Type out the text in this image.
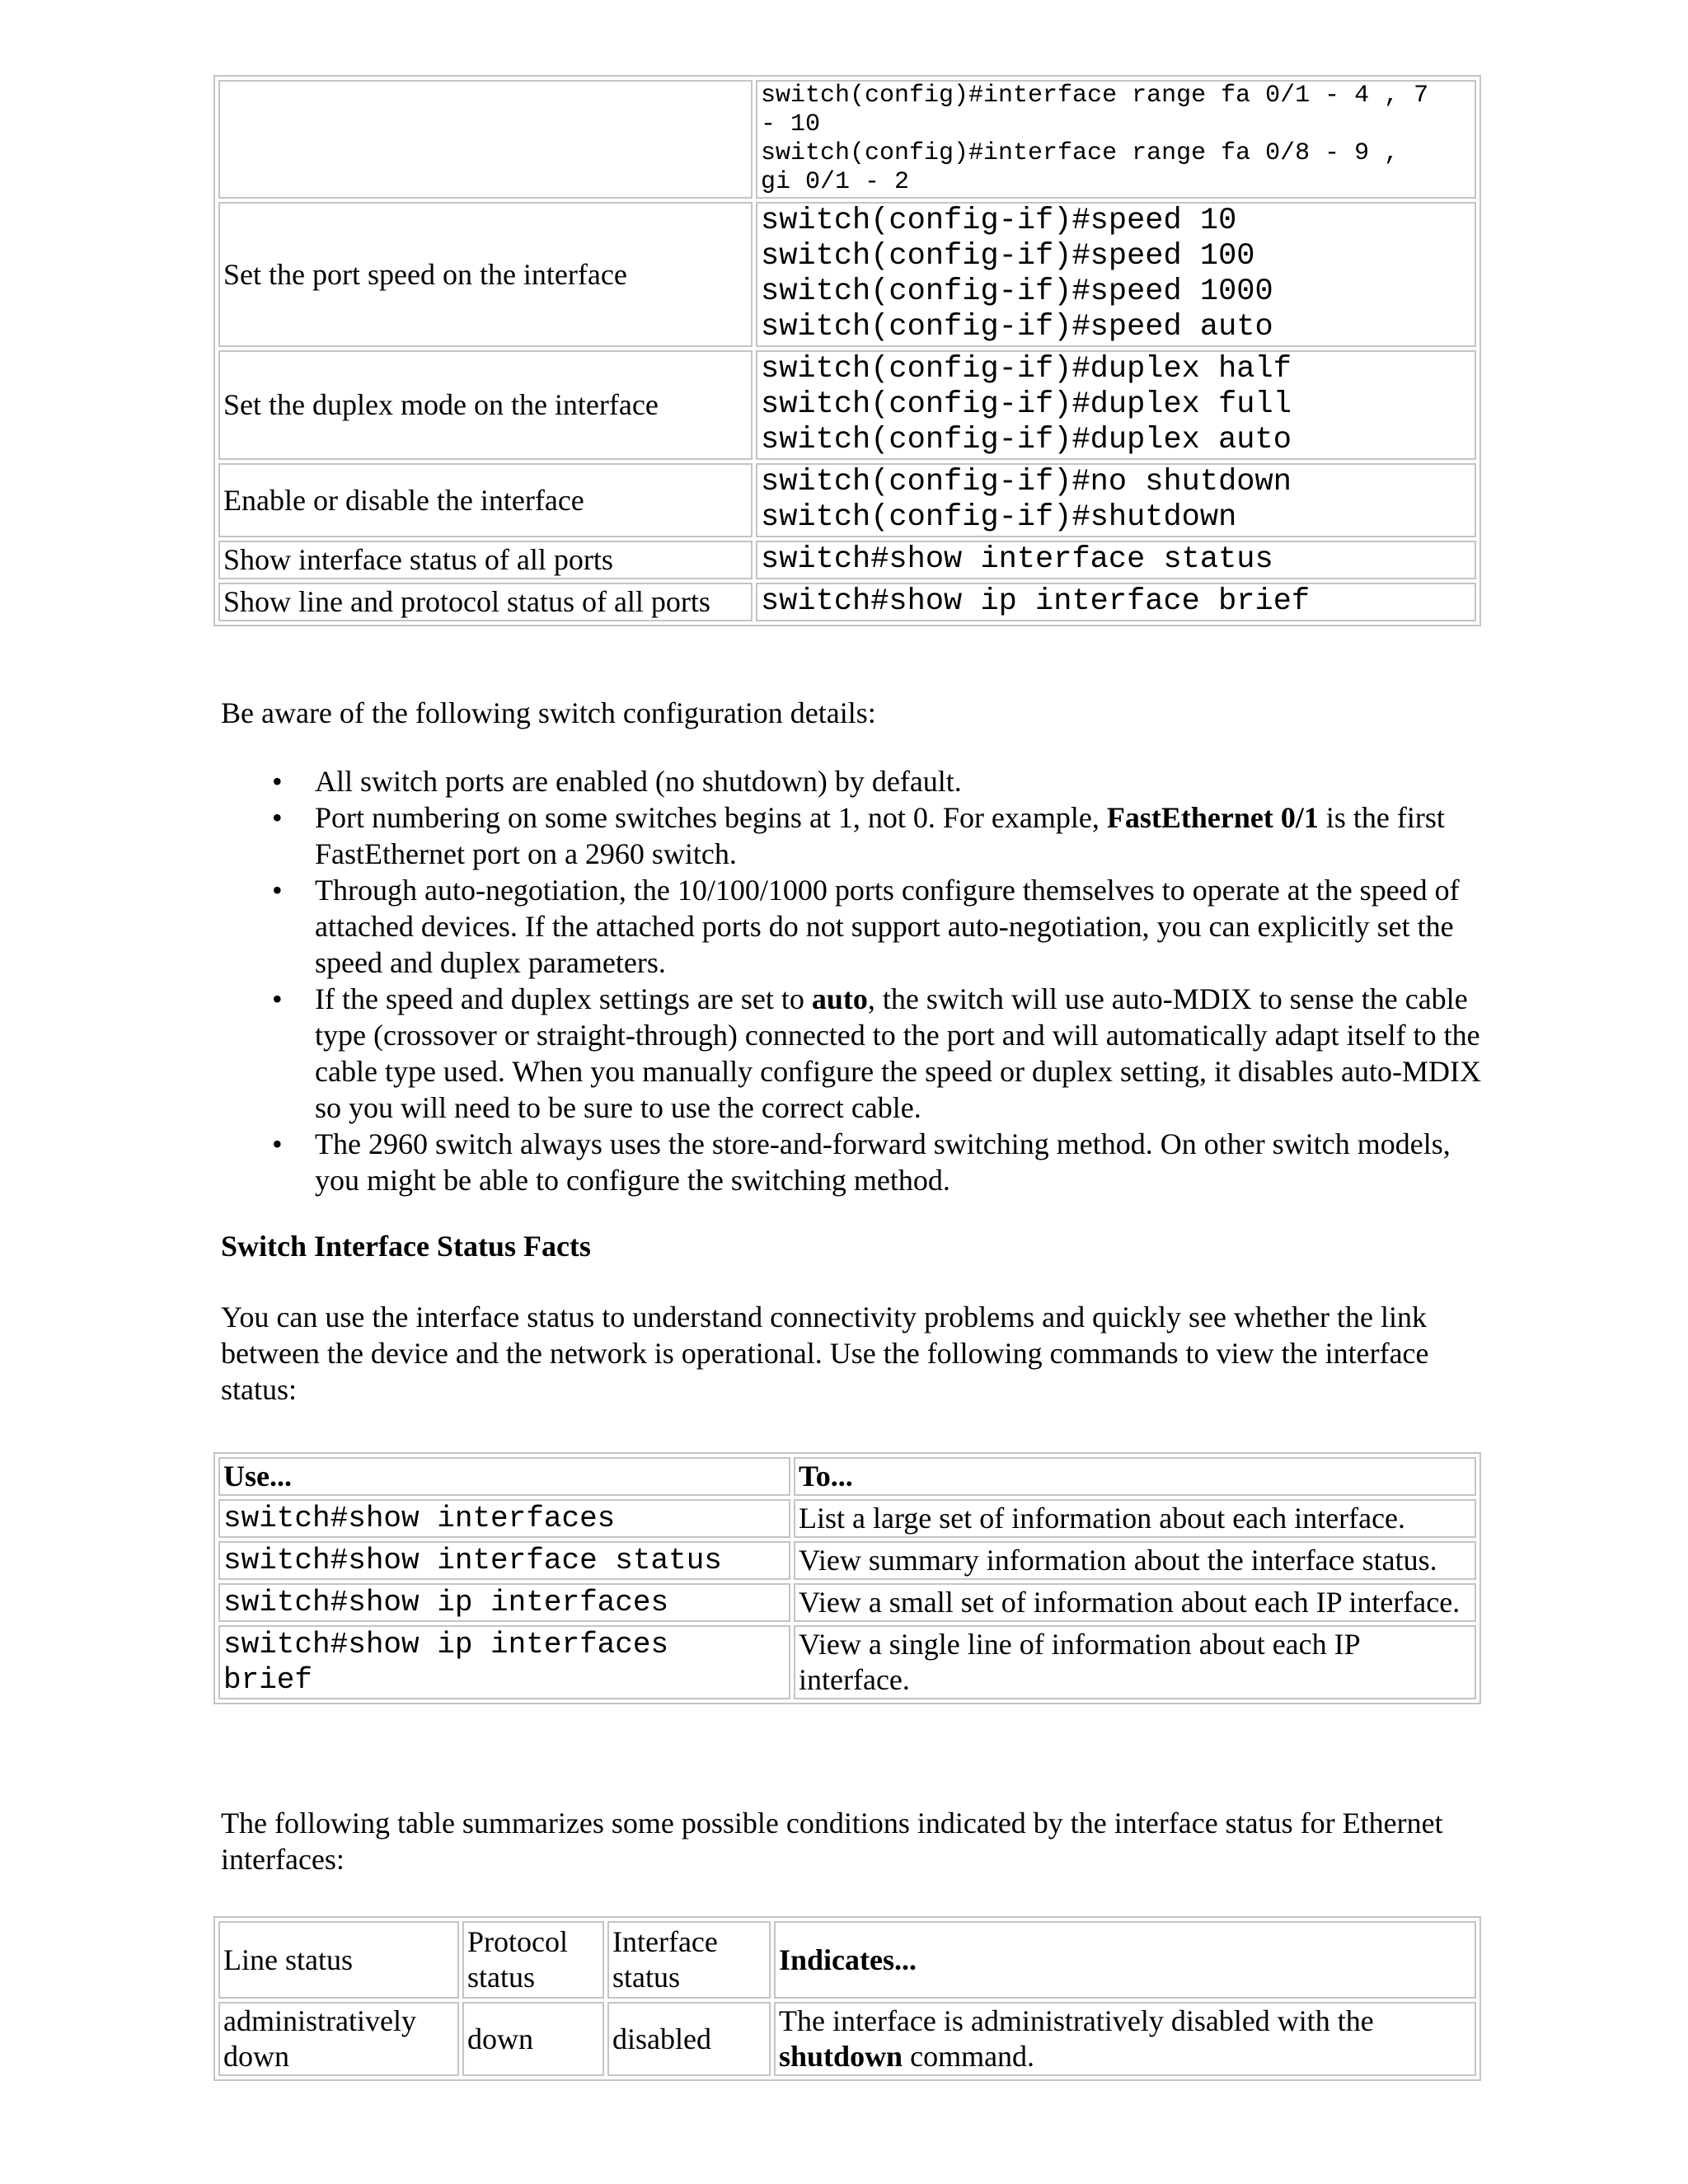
	switch(config)#interface range fa 0/1 - 4 , 7
- 10
switch(config)#interface range fa 0/8 - 9 ,
gi 0/1 - 2

Set the port speed on the interface	switch(config-if)#speed 10
switch(config-if)#speed 100
switch(config-if)#speed 1000
switch(config-if)#speed auto

Set the duplex mode on the interface	switch(config-if)#duplex half
switch(config-if)#duplex full
switch(config-if)#duplex auto

Enable or disable the interface	switch(config-if)#no shutdown
switch(config-if)#shutdown

Show interface status of all ports	switch#show interface status

Show line and protocol status of all ports	switch#show ip interface brief
Be aware of the following switch configuration details:
• All switch ports are enabled (no shutdown) by default.
• Port numbering on some switches begins at 1, not 0. For example, FastEthernet 0/1 is the first FastEthernet port on a 2960 switch.
• Through auto-negotiation, the 10/100/1000 ports configure themselves to operate at the speed of attached devices. If the attached ports do not support auto-negotiation, you can explicitly set the speed and duplex parameters.
• If the speed and duplex settings are set to auto, the switch will use auto-MDIX to sense the cable type (crossover or straight-through) connected to the port and will automatically adapt itself to the cable type used. When you manually configure the speed or duplex setting, it disables auto-MDIX so you will need to be sure to use the correct cable.
• The 2960 switch always uses the store-and-forward switching method. On other switch models, you might be able to configure the switching method.
Switch Interface Status Facts
You can use the interface status to understand connectivity problems and quickly see whether the link between the device and the network is operational. Use the following commands to view the interface status:
Use...	To...
switch#show interfaces	List a large set of information about each interface.
switch#show interface status	View summary information about the interface status.
switch#show ip interfaces	View a small set of information about each IP interface.

switch#show ip interfaces
brief	View a single line of information about each IP interface.
The following table summarizes some possible conditions indicated by the interface status for Ethernet interfaces:
Line status	Protocol status	Interface status	Indicates...
administratively down	down	disabled	The interface is administratively disabled with the shutdown command.
